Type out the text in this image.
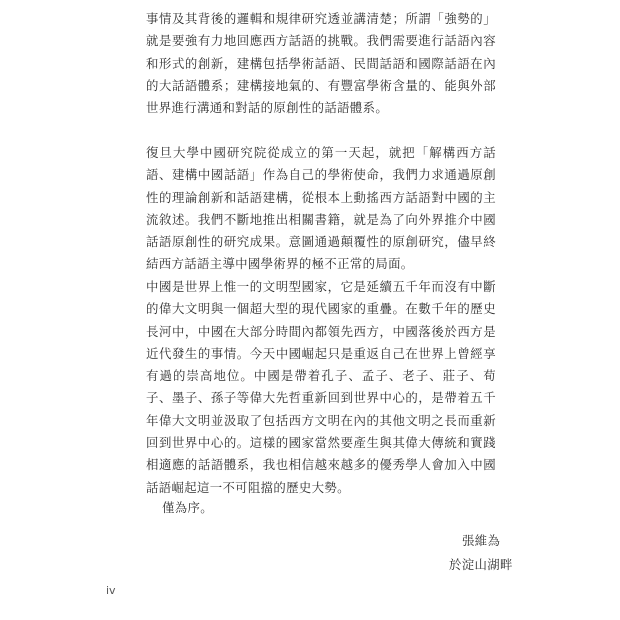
事情及其背後的邏輯和規律研究透並講清楚；所謂「強勢的」就是要強有力地回應西方話語的挑戰。我們需要進行話語內容和形式的創新，建構包括學術話語、民間話語和國際話語在內的大話語體系；建構接地氣的、有豐富學術含量的、能與外部世界進行溝通和對話的原創性的話語體系。

復旦大學中國研究院從成立的第一天起，就把「解構西方話語、建構中國話語」作為自己的學術使命，我們力求通過原創性的理論創新和話語建構，從根本上動搖西方話語對中國的主流敘述。我們不斷地推出相關書籍，就是為了向外界推介中國話語原創性的研究成果。意圖通過顛覆性的原創研究，儘早終結西方話語主導中國學術界的極不正常的局面。

中國是世界上惟一的文明型國家，它是延續五千年而沒有中斷的偉大文明與一個超大型的現代國家的重疊。在數千年的歷史長河中，中國在大部分時間內都領先西方，中國落後於西方是近代發生的事情。今天中國崛起只是重返自己在世界上曾經享有過的崇高地位。中國是帶着孔子、孟子、老子、莊子、荀子、墨子、孫子等偉大先哲重新回到世界中心的，是帶着五千年偉大文明並汲取了包括西方文明在內的其他文明之長而重新回到世界中心的。這樣的國家當然要產生與其偉大傳統和實踐相適應的話語體系，我也相信越來越多的優秀學人會加入中國話語崛起這一不可阻擋的歷史大勢。

僅為序。

張維為
於淀山湖畔
iv
